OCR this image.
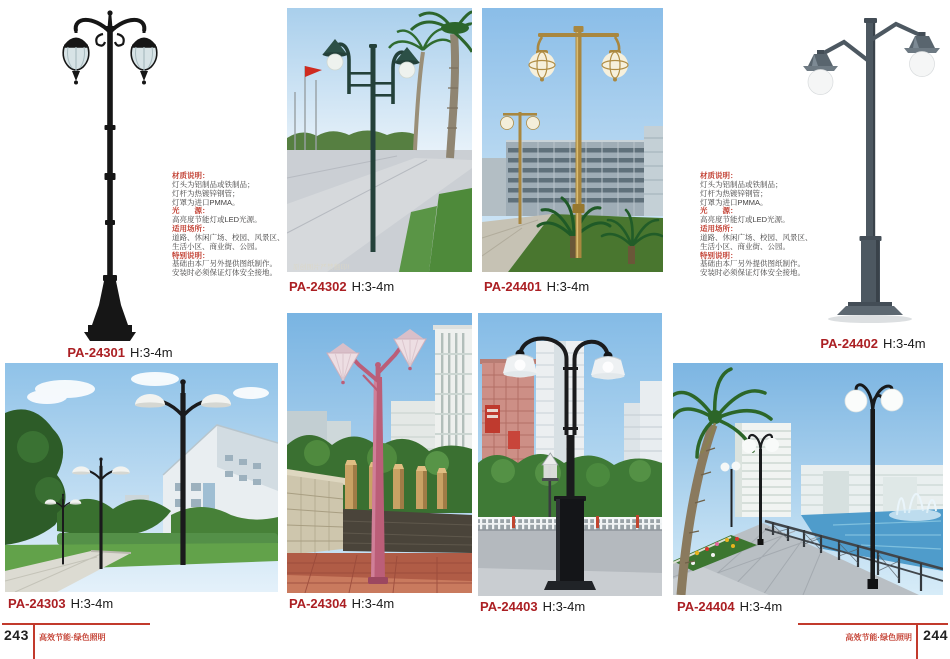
原创图片严禁翻印!
材质说明：
灯头为铝制品或铁制品；
灯杆为热镀锌钢管；
灯罩为进口PMMA。
光　　源：
高亮度节能灯或LED光源。
适用场所：
道路、休闲广场、校园、风景区、
生活小区、商业街、公园。
特别说明：
基础由本厂另外提供图纸制作。
安装时必须保证灯体安全接地。
材质说明：
灯头为铝制品或铁制品；
灯杆为热镀锌钢管；
灯罩为进口PMMA。
光　　源：
高亮度节能灯或LED光源。
适用场所：
道路、休闲广场、校园、风景区、
生活小区、商业街、公园。
特别说明：
基础由本厂另外提供图纸制作。
安装时必须保证灯体安全接地。
PA-24301 H:3-4m
PA-24302 H:3-4m	PA-24401 H:3-4m
PA-24402 H:3-4m
PA-24303 H:3-4m	PA-24304 H:3-4m	PA-24403 H:3-4m	PA-24404 H:3-4m
243 高效节能·绿色照明	高效节能·绿色照明 244
